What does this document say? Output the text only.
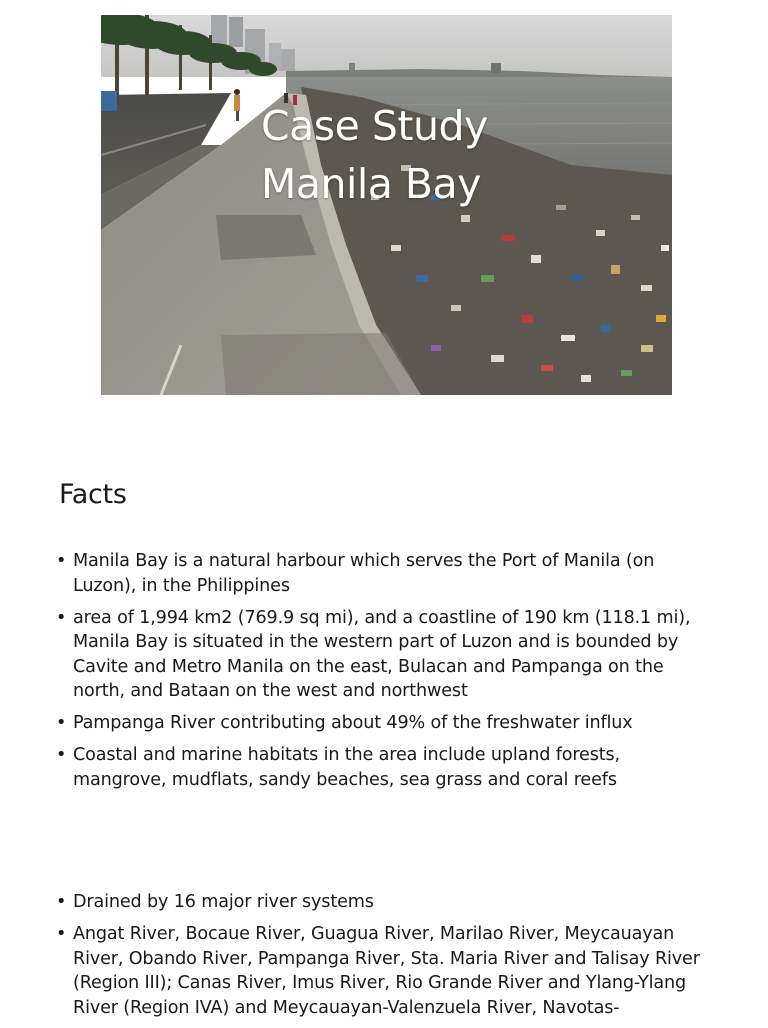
Case Study
Manila Bay
Facts
• Manila Bay is a natural harbour which serves the Port of Manila (on Luzon), in the Philippines
• area of 1,994 km2 (769.9 sq mi), and a coastline of 190 km (118.1 mi), Manila Bay is situated in the western part of Luzon and is bounded by Cavite and Metro Manila on the east, Bulacan and Pampanga on the north, and Bataan on the west and northwest
• Pampanga River contributing about 49% of the freshwater influx
• Coastal and marine habitats in the area include upland forests, mangrove, mudflats, sandy beaches, sea grass and coral reefs
• Drained by 16 major river systems
• Angat River, Bocaue River, Guagua River, Marilao River, Meycauayan River, Obando River, Pampanga River, Sta. Maria River and Talisay River (Region III); Canas River, Imus River, Rio Grande River and Ylang-Ylang River (Region IVA) and Meycauayan-Valenzuela River, Navotas-
